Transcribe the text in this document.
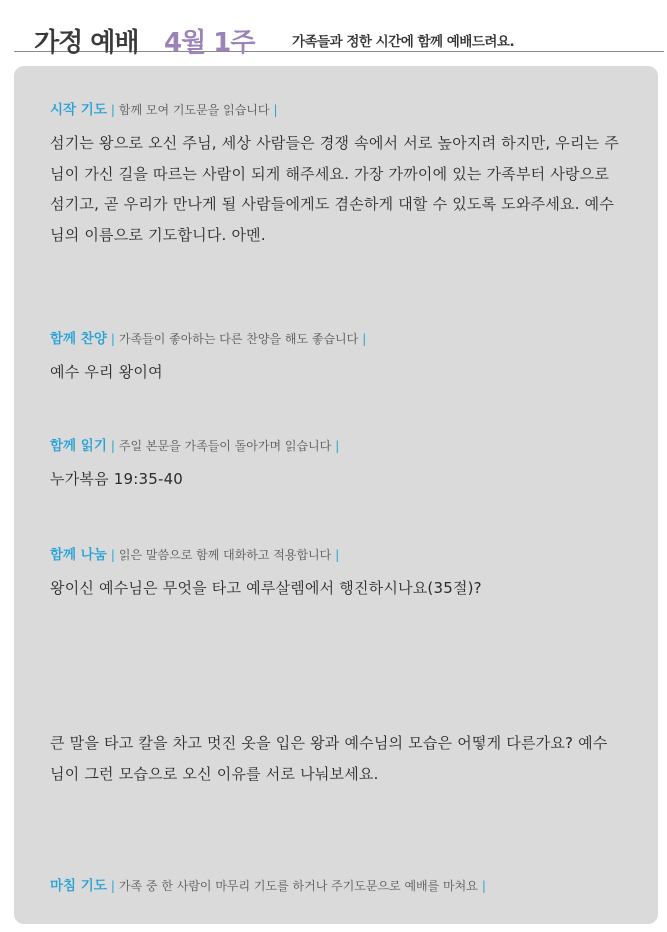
가정 예배 4월 1주	가족들과 정한 시간에 함께 예배드려요.
시작 기도 | 함께 모여 기도문을 읽습니다 |
섬기는 왕으로 오신 주님, 세상 사람들은 경쟁 속에서 서로 높아지려 하지만, 우리는 주님이 가신 길을 따르는 사람이 되게 해주세요. 가장 가까이에 있는 가족부터 사랑으로 섬기고, 곧 우리가 만나게 될 사람들에게도 겸손하게 대할 수 있도록 도와주세요. 예수님의 이름으로 기도합니다. 아멘.
함께 찬양 | 가족들이 좋아하는 다른 찬양을 해도 좋습니다 |
예수 우리 왕이여
함께 읽기 | 주일 본문을 가족들이 돌아가며 읽습니다 |
누가복음 19:35-40
함께 나눔 | 읽은 말씀으로 함께 대화하고 적용합니다 |
왕이신 예수님은 무엇을 타고 예루살렘에서 행진하시나요(35절)?
큰 말을 타고 칼을 차고 멋진 옷을 입은 왕과 예수님의 모습은 어떻게 다른가요? 예수님이 그런 모습으로 오신 이유를 서로 나눠보세요.
마침 기도 | 가족 중 한 사람이 마무리 기도를 하거나 주기도문으로 예배를 마쳐요 |
